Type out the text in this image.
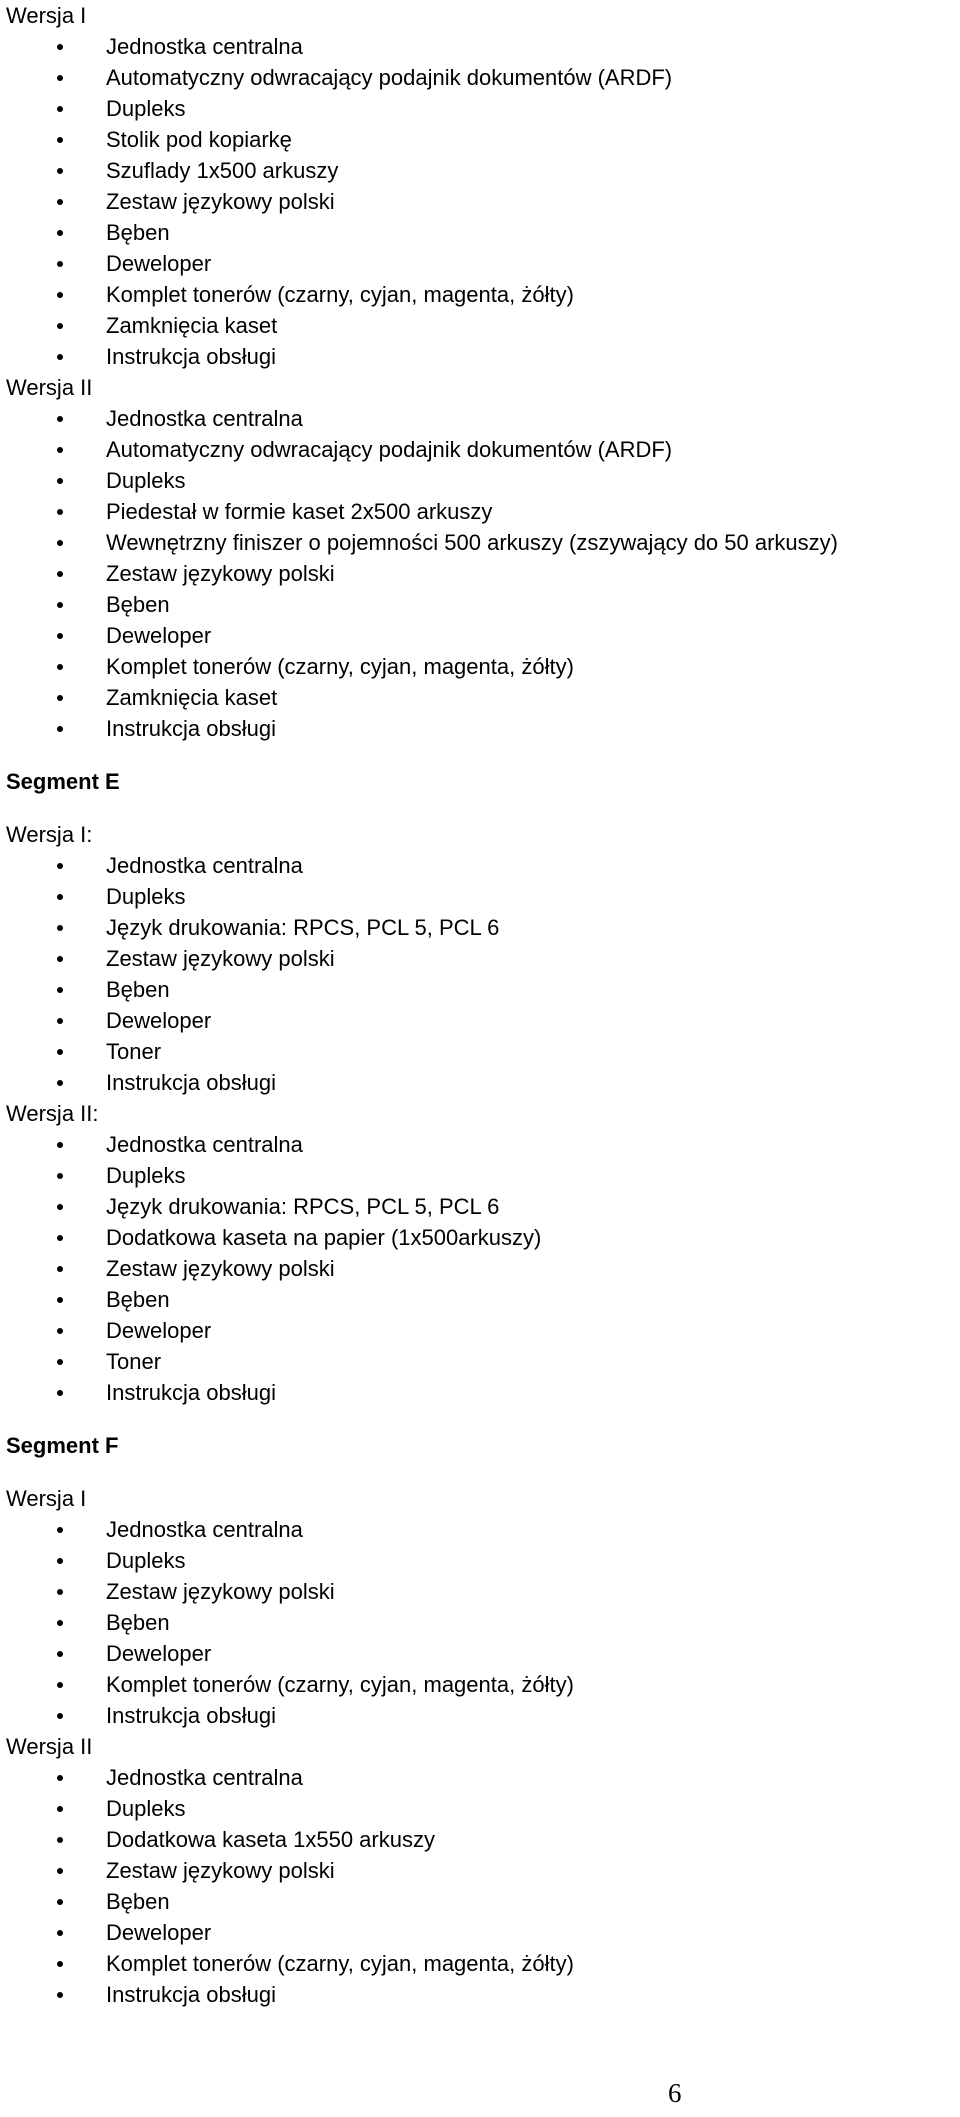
Wersja I
Jednostka centralna
Automatyczny odwracający podajnik dokumentów (ARDF)
Dupleks
Stolik pod kopiarkę
Szuflady 1x500 arkuszy
Zestaw językowy polski
Bęben
Deweloper
Komplet tonerów (czarny, cyjan, magenta, żółty)
Zamknięcia kaset
Instrukcja obsługi
Wersja II
Jednostka centralna
Automatyczny odwracający podajnik dokumentów (ARDF)
Dupleks
Piedestał w formie kaset 2x500 arkuszy
Wewnętrzny finiszer o pojemności 500 arkuszy (zszywający do 50 arkuszy)
Zestaw językowy polski
Bęben
Deweloper
Komplet tonerów (czarny, cyjan, magenta, żółty)
Zamknięcia kaset
Instrukcja obsługi
Segment E
Wersja I:
Jednostka centralna
Dupleks
Język drukowania: RPCS, PCL 5, PCL 6
Zestaw językowy polski
Bęben
Deweloper
Toner
Instrukcja obsługi
Wersja II:
Jednostka centralna
Dupleks
Język drukowania: RPCS, PCL 5, PCL 6
Dodatkowa kaseta na papier (1x500arkuszy)
Zestaw językowy polski
Bęben
Deweloper
Toner
Instrukcja obsługi
Segment F
Wersja I
Jednostka centralna
Dupleks
Zestaw językowy polski
Bęben
Deweloper
Komplet tonerów (czarny, cyjan, magenta, żółty)
Instrukcja obsługi
Wersja II
Jednostka centralna
Dupleks
Dodatkowa kaseta 1x550 arkuszy
Zestaw językowy polski
Bęben
Deweloper
Komplet tonerów (czarny, cyjan, magenta, żółty)
Instrukcja obsługi
6
